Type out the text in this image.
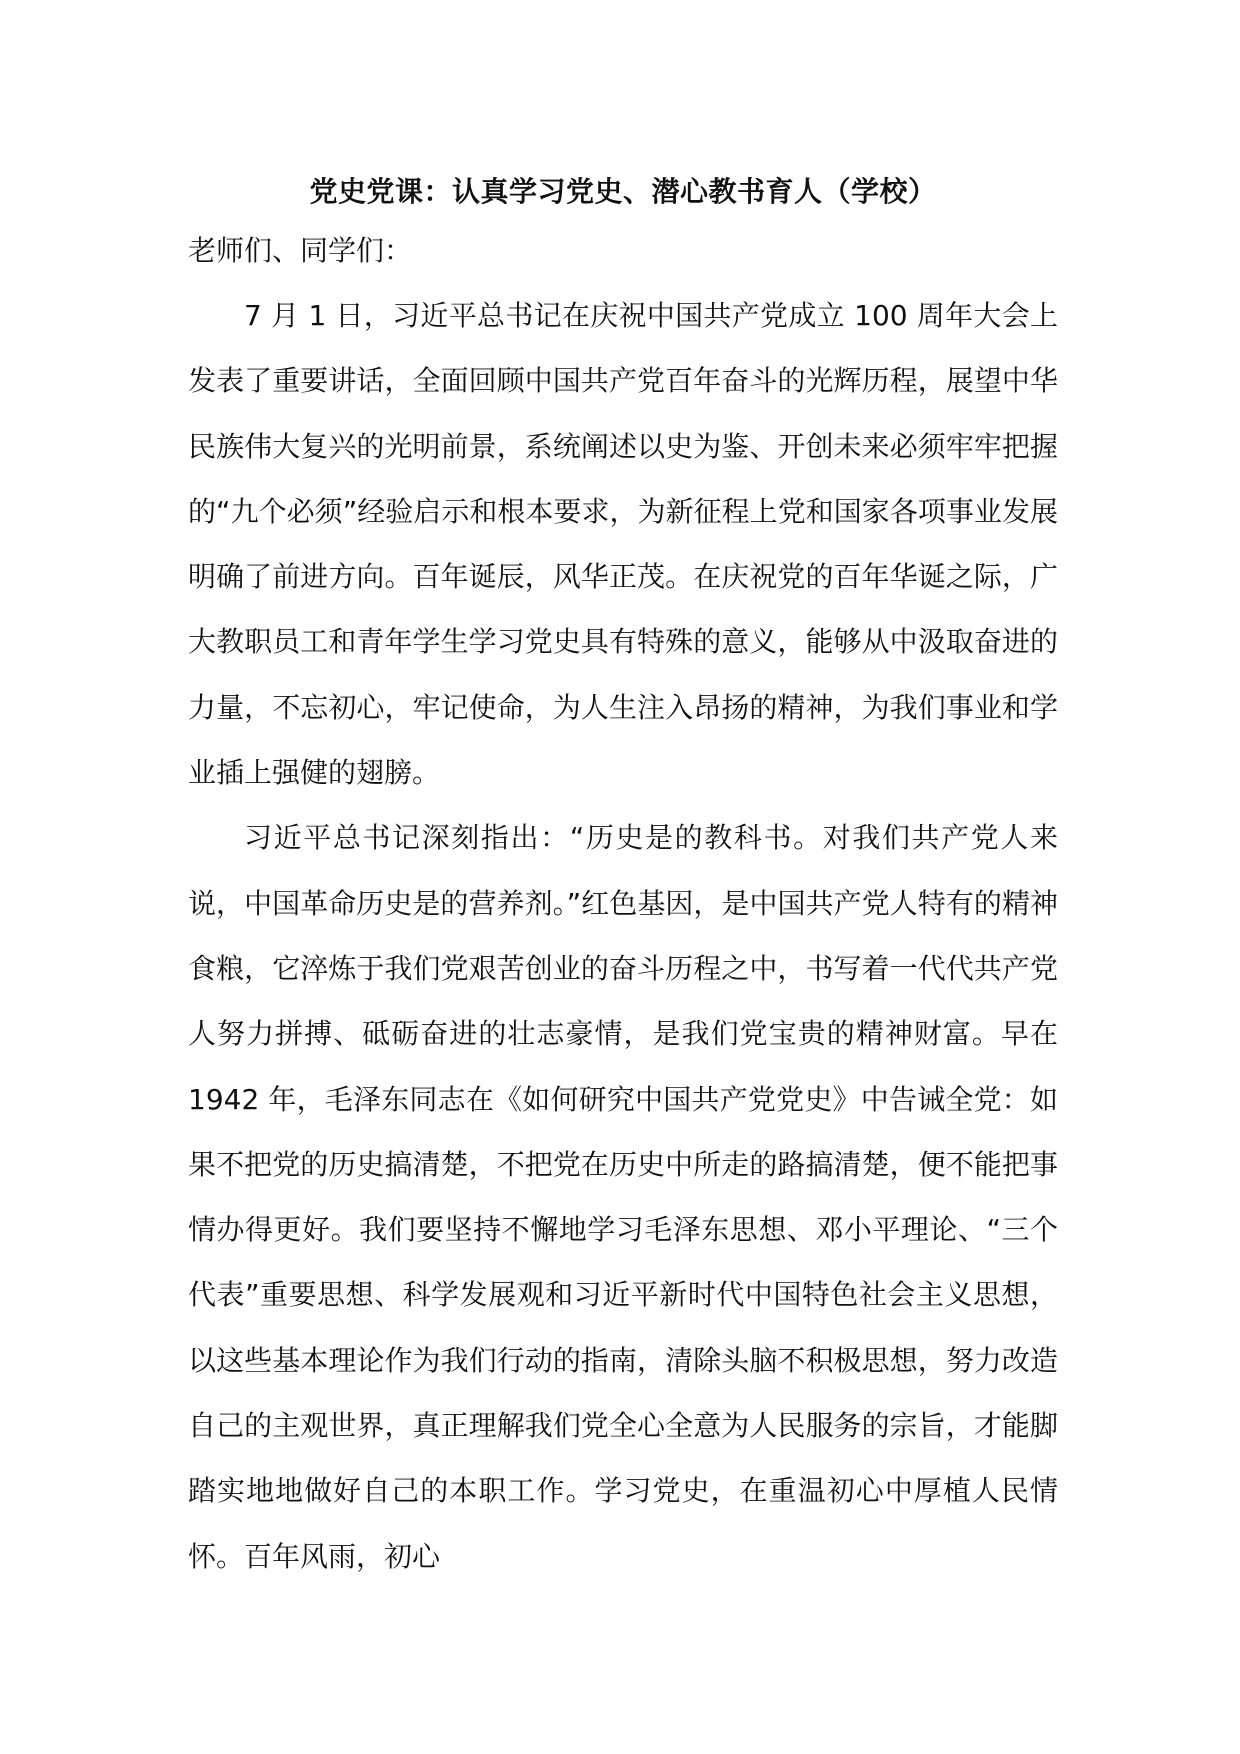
党史党课：认真学习党史、潜心教书育人（学校）

老师们、同学们：

7 月 1 日，习近平总书记在庆祝中国共产党成立 100 周年大会上发表了重要讲话，全面回顾中国共产党百年奋斗的光辉历程，展望中华民族伟大复兴的光明前景，系统阐述以史为鉴、开创未来必须牢牢把握的“九个必须”经验启示和根本要求，为新征程上党和国家各项事业发展明确了前进方向。百年诞辰，风华正茂。在庆祝党的百年华诞之际，广大教职员工和青年学生学习党史具有特殊的意义，能够从中汲取奋进的力量，不忘初心，牢记使命，为人生注入昂扬的精神，为我们事业和学业插上强健的翅膀。

习近平总书记深刻指出：“历史是的教科书。对我们共产党人来说，中国革命历史是的营养剂。”红色基因，是中国共产党人特有的精神食粮，它淬炼于我们党艰苦创业的奋斗历程之中，书写着一代代共产党人努力拼搏、砥砺奋进的壮志豪情，是我们党宝贵的精神财富。早在 1942 年，毛泽东同志在《如何研究中国共产党党史》中告诫全党：如果不把党的历史搞清楚，不把党在历史中所走的路搞清楚，便不能把事情办得更好。我们要坚持不懈地学习毛泽东思想、邓小平理论、“三个代表”重要思想、科学发展观和习近平新时代中国特色社会主义思想，以这些基本理论作为我们行动的指南，清除头脑不积极思想，努力改造自己的主观世界，真正理解我们党全心全意为人民服务的宗旨，才能脚踏实地地做好自己的本职工作。学习党史，在重温初心中厚植人民情怀。百年风雨，初心
